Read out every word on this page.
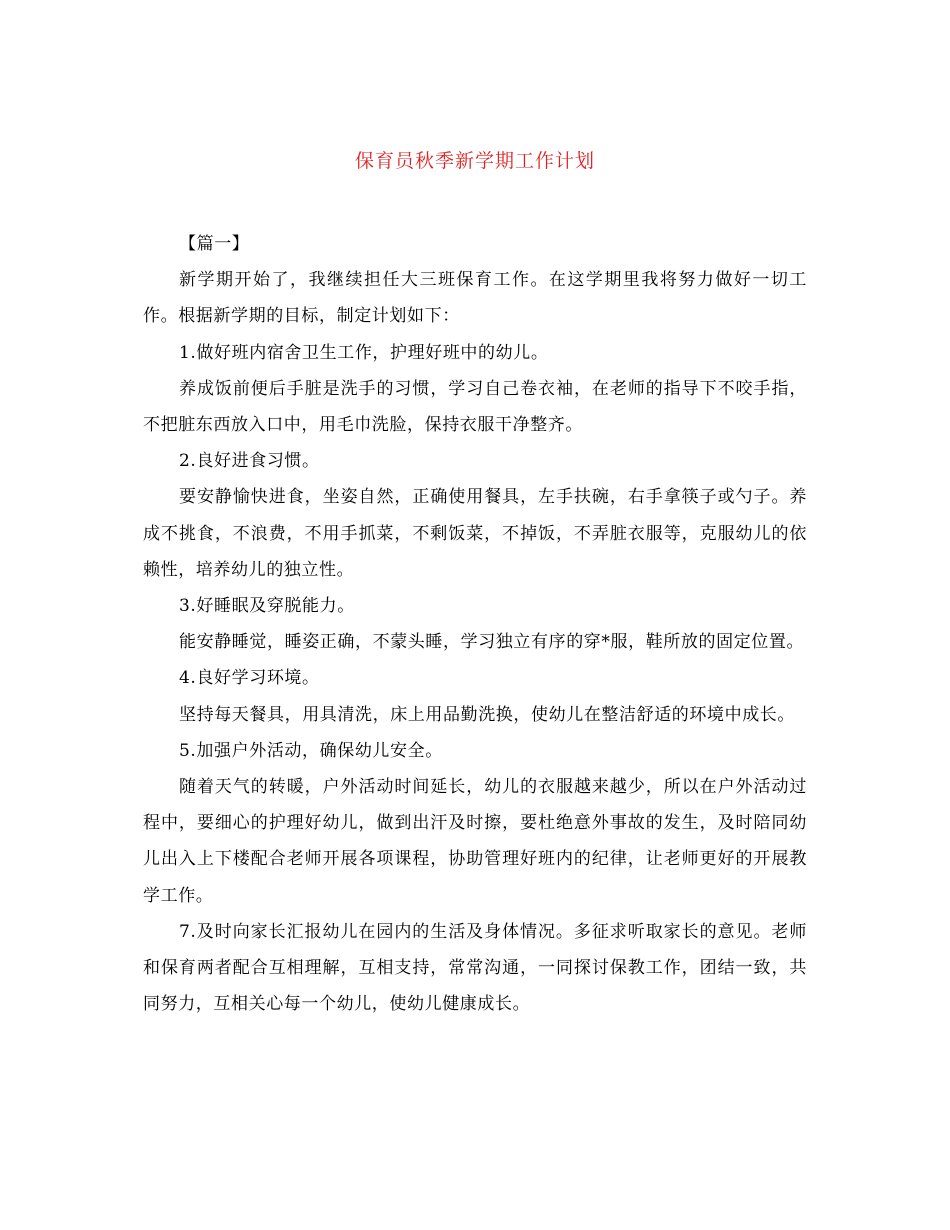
保育员秋季新学期工作计划

【篇一】

新学期开始了，我继续担任大三班保育工作。在这学期里我将努力做好一切工作。根据新学期的目标，制定计划如下：

1.做好班内宿舍卫生工作，护理好班中的幼儿。

养成饭前便后手脏是洗手的习惯，学习自己卷衣袖，在老师的指导下不咬手指，不把脏东西放入口中，用毛巾洗脸，保持衣服干净整齐。

2.良好进食习惯。

要安静愉快进食，坐姿自然，正确使用餐具，左手扶碗，右手拿筷子或勺子。养成不挑食，不浪费，不用手抓菜，不剩饭菜，不掉饭，不弄脏衣服等，克服幼儿的依赖性，培养幼儿的独立性。

3.好睡眠及穿脱能力。

能安静睡觉，睡姿正确，不蒙头睡，学习独立有序的穿*服，鞋所放的固定位置。

4.良好学习环境。

坚持每天餐具，用具清洗，床上用品勤洗换，使幼儿在整洁舒适的环境中成长。

5.加强户外活动，确保幼儿安全。

随着天气的转暖，户外活动时间延长，幼儿的衣服越来越少，所以在户外活动过程中，要细心的护理好幼儿，做到出汗及时擦，要杜绝意外事故的发生，及时陪同幼儿出入上下楼配合老师开展各项课程，协助管理好班内的纪律，让老师更好的开展教学工作。

7.及时向家长汇报幼儿在园内的生活及身体情况。多征求听取家长的意见。老师和保育两者配合互相理解，互相支持，常常沟通，一同探讨保教工作，团结一致，共同努力，互相关心每一个幼儿，使幼儿健康成长。
